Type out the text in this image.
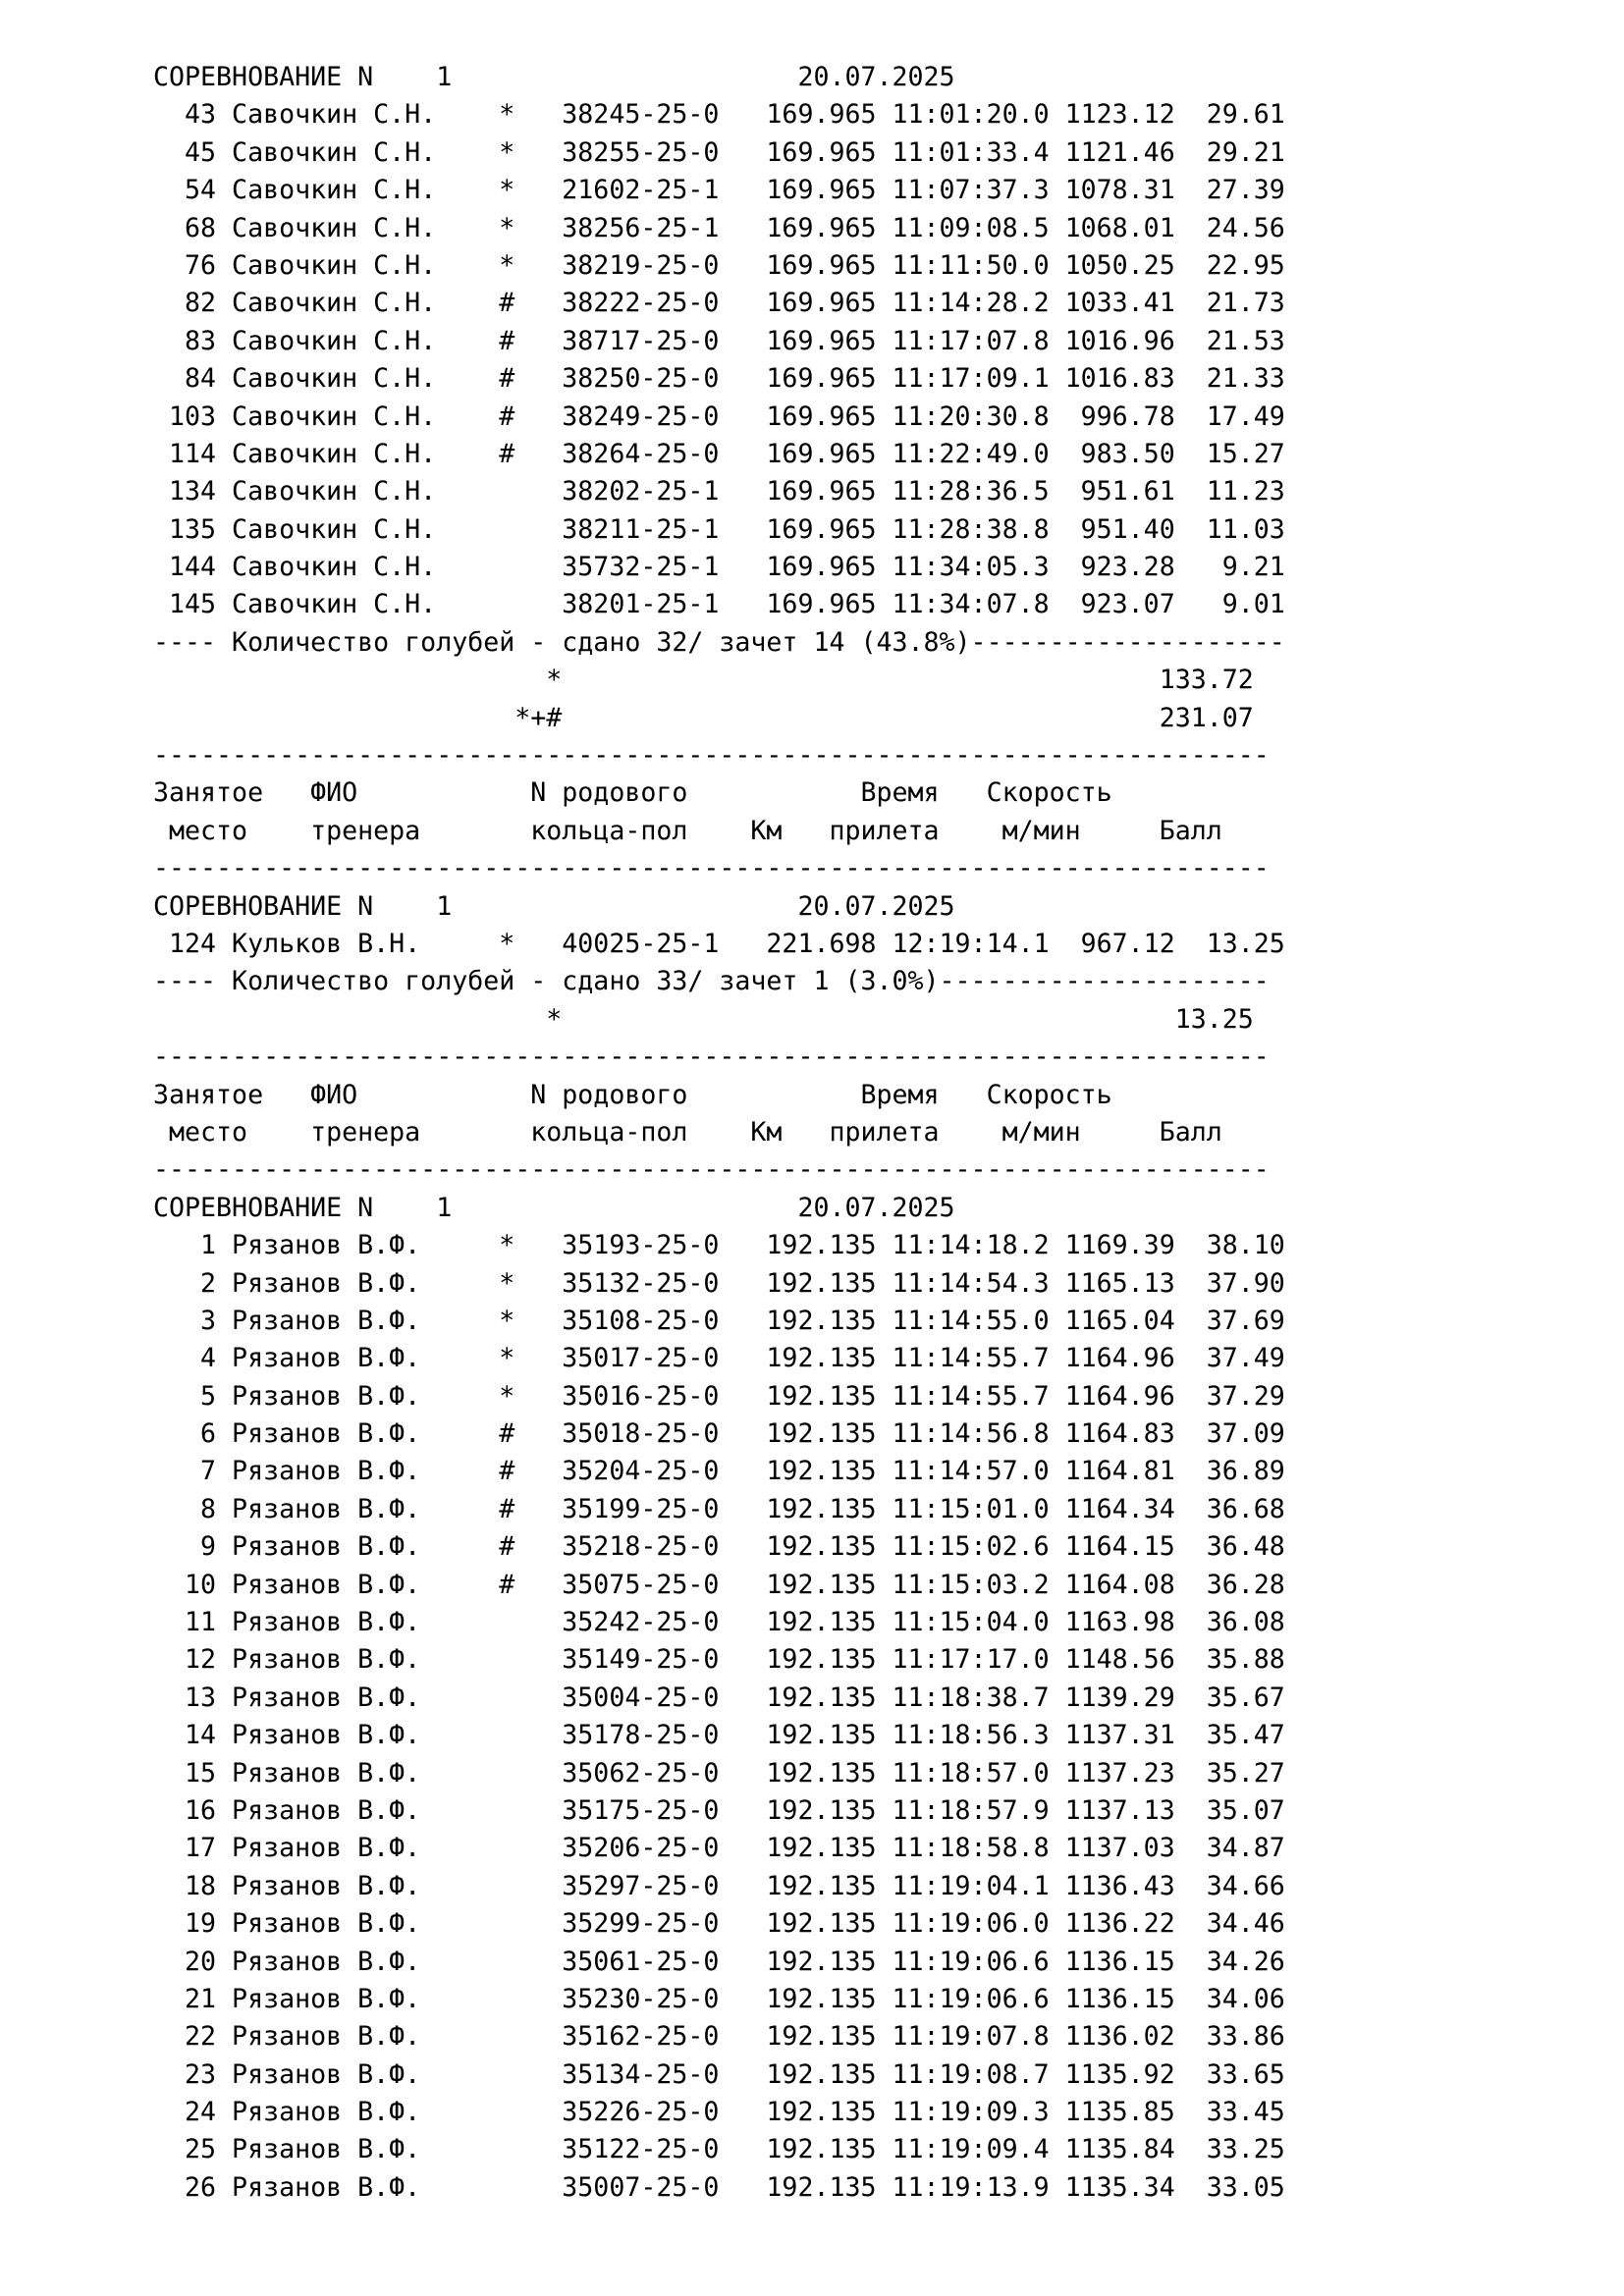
СОРЕВНОВАНИЕ N    1                      20.07.2025
43 Савочкин С.Н.    *   38245-25-0   169.965 11:01:20.0 1123.12  29.61
45 Савочкин С.Н.    *   38255-25-0   169.965 11:01:33.4 1121.46  29.21
54 Савочкин С.Н.    *   21602-25-1   169.965 11:07:37.3 1078.31  27.39
68 Савочкин С.Н.    *   38256-25-1   169.965 11:09:08.5 1068.01  24.56
76 Савочкин С.Н.    *   38219-25-0   169.965 11:11:50.0 1050.25  22.95
82 Савочкин С.Н.    #   38222-25-0   169.965 11:14:28.2 1033.41  21.73
83 Савочкин С.Н.    #   38717-25-0   169.965 11:17:07.8 1016.96  21.53
84 Савочкин С.Н.    #   38250-25-0   169.965 11:17:09.1 1016.83  21.33
103 Савочкин С.Н.    #   38249-25-0   169.965 11:20:30.8  996.78  17.49
114 Савочкин С.Н.    #   38264-25-0   169.965 11:22:49.0  983.50  15.27
134 Савочкин С.Н.        38202-25-1   169.965 11:28:36.5  951.61  11.23
135 Савочкин С.Н.        38211-25-1   169.965 11:28:38.8  951.40  11.03
144 Савочкин С.Н.        35732-25-1   169.965 11:34:05.3  923.28   9.21
145 Савочкин С.Н.        38201-25-1   169.965 11:34:07.8  923.07   9.01
---- Количество голубей - сдано 32/ зачет 14 (43.8%)--------------------
*                                      133.72
*+#                                      231.07
-----------------------------------------------------------------------
Занятое   ФИО           N родового           Время   Скорость
место    тренера       кольца-пол    Км   прилета    м/мин     Балл
-----------------------------------------------------------------------
СОРЕВНОВАНИЕ N    1                      20.07.2025
124 Кульков В.Н.     *   40025-25-1   221.698 12:19:14.1  967.12  13.25
---- Количество голубей - сдано 33/ зачет 1 (3.0%)---------------------
*                                       13.25
-----------------------------------------------------------------------
Занятое   ФИО           N родового           Время   Скорость
место    тренера       кольца-пол    Км   прилета    м/мин     Балл
-----------------------------------------------------------------------
СОРЕВНОВАНИЕ N    1                      20.07.2025
1 Рязанов В.Ф.     *   35193-25-0   192.135 11:14:18.2 1169.39  38.10
2 Рязанов В.Ф.     *   35132-25-0   192.135 11:14:54.3 1165.13  37.90
3 Рязанов В.Ф.     *   35108-25-0   192.135 11:14:55.0 1165.04  37.69
4 Рязанов В.Ф.     *   35017-25-0   192.135 11:14:55.7 1164.96  37.49
5 Рязанов В.Ф.     *   35016-25-0   192.135 11:14:55.7 1164.96  37.29
6 Рязанов В.Ф.     #   35018-25-0   192.135 11:14:56.8 1164.83  37.09
7 Рязанов В.Ф.     #   35204-25-0   192.135 11:14:57.0 1164.81  36.89
8 Рязанов В.Ф.     #   35199-25-0   192.135 11:15:01.0 1164.34  36.68
9 Рязанов В.Ф.     #   35218-25-0   192.135 11:15:02.6 1164.15  36.48
10 Рязанов В.Ф.     #   35075-25-0   192.135 11:15:03.2 1164.08  36.28
11 Рязанов В.Ф.         35242-25-0   192.135 11:15:04.0 1163.98  36.08
12 Рязанов В.Ф.         35149-25-0   192.135 11:17:17.0 1148.56  35.88
13 Рязанов В.Ф.         35004-25-0   192.135 11:18:38.7 1139.29  35.67
14 Рязанов В.Ф.         35178-25-0   192.135 11:18:56.3 1137.31  35.47
15 Рязанов В.Ф.         35062-25-0   192.135 11:18:57.0 1137.23  35.27
16 Рязанов В.Ф.         35175-25-0   192.135 11:18:57.9 1137.13  35.07
17 Рязанов В.Ф.         35206-25-0   192.135 11:18:58.8 1137.03  34.87
18 Рязанов В.Ф.         35297-25-0   192.135 11:19:04.1 1136.43  34.66
19 Рязанов В.Ф.         35299-25-0   192.135 11:19:06.0 1136.22  34.46
20 Рязанов В.Ф.         35061-25-0   192.135 11:19:06.6 1136.15  34.26
21 Рязанов В.Ф.         35230-25-0   192.135 11:19:06.6 1136.15  34.06
22 Рязанов В.Ф.         35162-25-0   192.135 11:19:07.8 1136.02  33.86
23 Рязанов В.Ф.         35134-25-0   192.135 11:19:08.7 1135.92  33.65
24 Рязанов В.Ф.         35226-25-0   192.135 11:19:09.3 1135.85  33.45
25 Рязанов В.Ф.         35122-25-0   192.135 11:19:09.4 1135.84  33.25
26 Рязанов В.Ф.         35007-25-0   192.135 11:19:13.9 1135.34  33.05
